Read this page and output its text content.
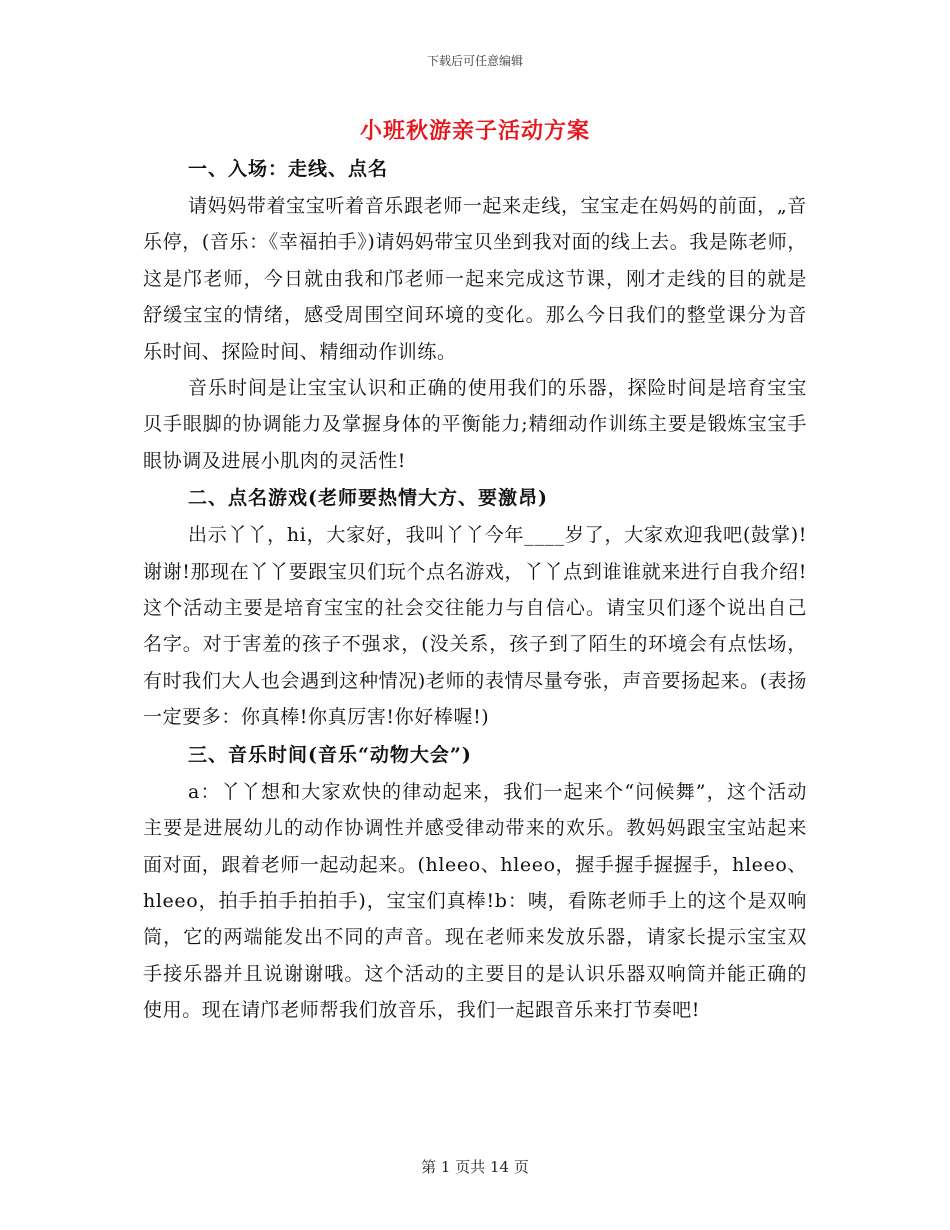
下载后可任意编辑
小班秋游亲子活动方案
一、入场：走线、点名

请妈妈带着宝宝听着音乐跟老师一起来走线，宝宝走在妈妈的前面，„音乐停，(音乐：《幸福拍手》)请妈妈带宝贝坐到我对面的线上去。我是陈老师，这是邝老师，今日就由我和邝老师一起来完成这节课，刚才走线的目的就是舒缓宝宝的情绪，感受周围空间环境的变化。那么今日我们的整堂课分为音乐时间、探险时间、精细动作训练。

音乐时间是让宝宝认识和正确的使用我们的乐器，探险时间是培育宝宝贝手眼脚的协调能力及掌握身体的平衡能力;精细动作训练主要是锻炼宝宝手眼协调及进展小肌肉的灵活性!

二、点名游戏(老师要热情大方、要激昂)

出示丫丫，hi，大家好，我叫丫丫今年____岁了，大家欢迎我吧(鼓掌)!谢谢!那现在丫丫要跟宝贝们玩个点名游戏，丫丫点到谁谁就来进行自我介绍!这个活动主要是培育宝宝的社会交往能力与自信心。请宝贝们逐个说出自己名字。对于害羞的孩子不强求，(没关系，孩子到了陌生的环境会有点怯场，有时我们大人也会遇到这种情况)老师的表情尽量夸张，声音要扬起来。(表扬一定要多：你真棒!你真厉害!你好棒喔!)

三、音乐时间(音乐“动物大会”)

a：丫丫想和大家欢快的律动起来，我们一起来个“问候舞”，这个活动主要是进展幼儿的动作协调性并感受律动带来的欢乐。教妈妈跟宝宝站起来面对面，跟着老师一起动起来。(hleeo、hleeo，握手握手握握手，hleeo、hleeo，拍手拍手拍拍手)，宝宝们真棒!b：咦，看陈老师手上的这个是双响筒，它的两端能发出不同的声音。现在老师来发放乐器，请家长提示宝宝双手接乐器并且说谢谢哦。这个活动的主要目的是认识乐器双响筒并能正确的使用。现在请邝老师帮我们放音乐，我们一起跟音乐来打节奏吧!

第 1 页共 14 页
